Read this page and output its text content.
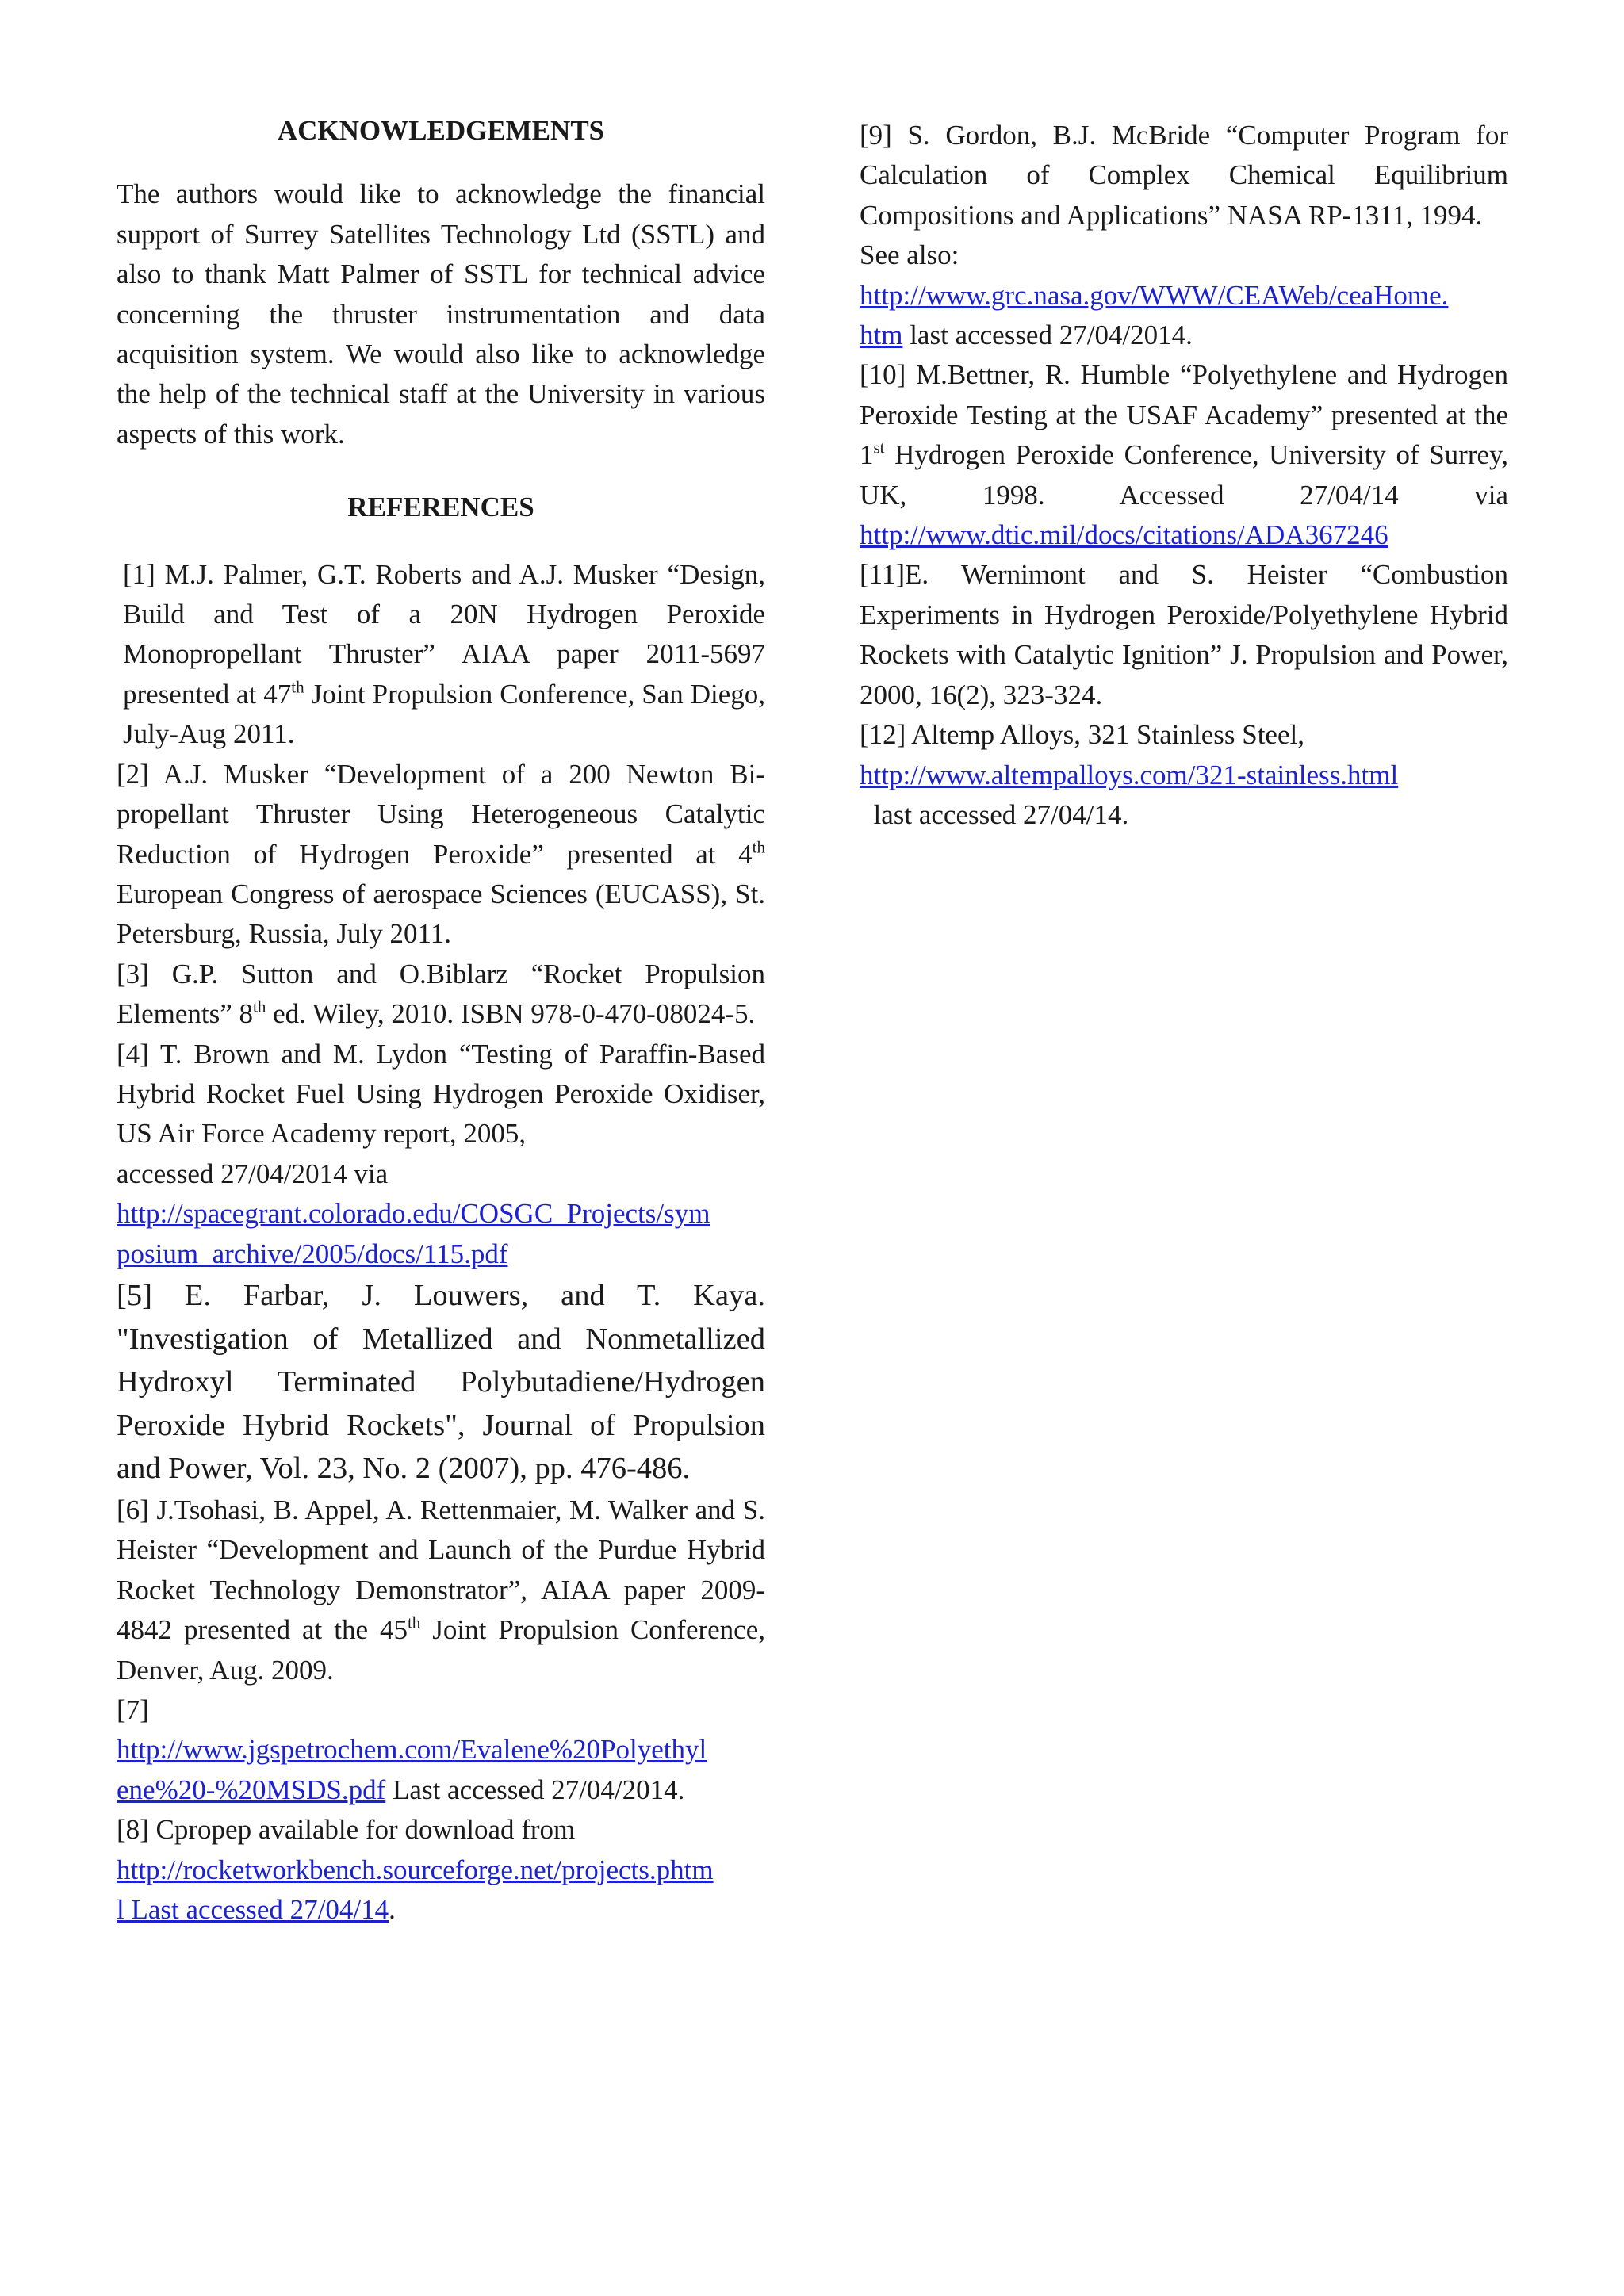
ACKNOWLEDGEMENTS

The authors would like to acknowledge the financial support of Surrey Satellites Technology Ltd (SSTL) and also to thank Matt Palmer of SSTL for technical advice concerning the thruster instrumentation and data acquisition system. We would also like to acknowledge the help of the technical staff at the University in various aspects of this work.

REFERENCES

[1] M.J. Palmer, G.T. Roberts and A.J. Musker “Design, Build and Test of a 20N Hydrogen Peroxide Monopropellant Thruster” AIAA paper 2011-5697 presented at 47th Joint Propulsion Conference, San Diego, July-Aug 2011.

[2] A.J. Musker “Development of a 200 Newton Bi-propellant Thruster Using Heterogeneous Catalytic Reduction of Hydrogen Peroxide” presented at 4th European Congress of aerospace Sciences (EUCASS), St. Petersburg, Russia, July 2011.

[3] G.P. Sutton and O.Biblarz “Rocket Propulsion Elements” 8th ed. Wiley, 2010. ISBN 978-0-470-08024-5.

[4] T. Brown and M. Lydon “Testing of Paraffin-Based Hybrid Rocket Fuel Using Hydrogen Peroxide Oxidiser, US Air Force Academy report, 2005,
accessed 27/04/2014 via
http://spacegrant.colorado.edu/COSGC_Projects/sym
posium_archive/2005/docs/115.pdf

[5] E. Farbar, J. Louwers, and T. Kaya. "Investigation of Metallized and Nonmetallized Hydroxyl Terminated Polybutadiene/Hydrogen Peroxide Hybrid Rockets", Journal of Propulsion and Power, Vol. 23, No. 2 (2007), pp. 476-486.

[6] J.Tsohasi, B. Appel, A. Rettenmaier, M. Walker and S. Heister “Development and Launch of the Purdue Hybrid Rocket Technology Demonstrator”, AIAA paper 2009-4842 presented at the 45th Joint Propulsion Conference, Denver, Aug. 2009.

[7]
http://www.jgspetrochem.com/Evalene%20Polyethyl
ene%20-%20MSDS.pdf Last accessed 27/04/2014.

[8] Cpropep available for download from
http://rocketworkbench.sourceforge.net/projects.phtm
l Last accessed 27/04/14.

[9] S. Gordon, B.J. McBride “Computer Program for Calculation of Complex Chemical Equilibrium Compositions and Applications” NASA RP-1311, 1994.
See also:
http://www.grc.nasa.gov/WWW/CEAWeb/ceaHome.
htm last accessed 27/04/2014.

[10] M.Bettner, R. Humble “Polyethylene and Hydrogen Peroxide Testing at the USAF Academy” presented at the 1st Hydrogen Peroxide Conference, University of Surrey, UK, 1998. Accessed 27/04/14	via http://www.dtic.mil/docs/citations/ADA367246

[11]E. Wernimont and S. Heister “Combustion Experiments in Hydrogen Peroxide/Polyethylene Hybrid Rockets with Catalytic Ignition” J. Propulsion and Power, 2000, 16(2), 323-324.

[12] Altemp Alloys, 321 Stainless Steel,
http://www.altempalloys.com/321-stainless.html  last accessed 27/04/14.
